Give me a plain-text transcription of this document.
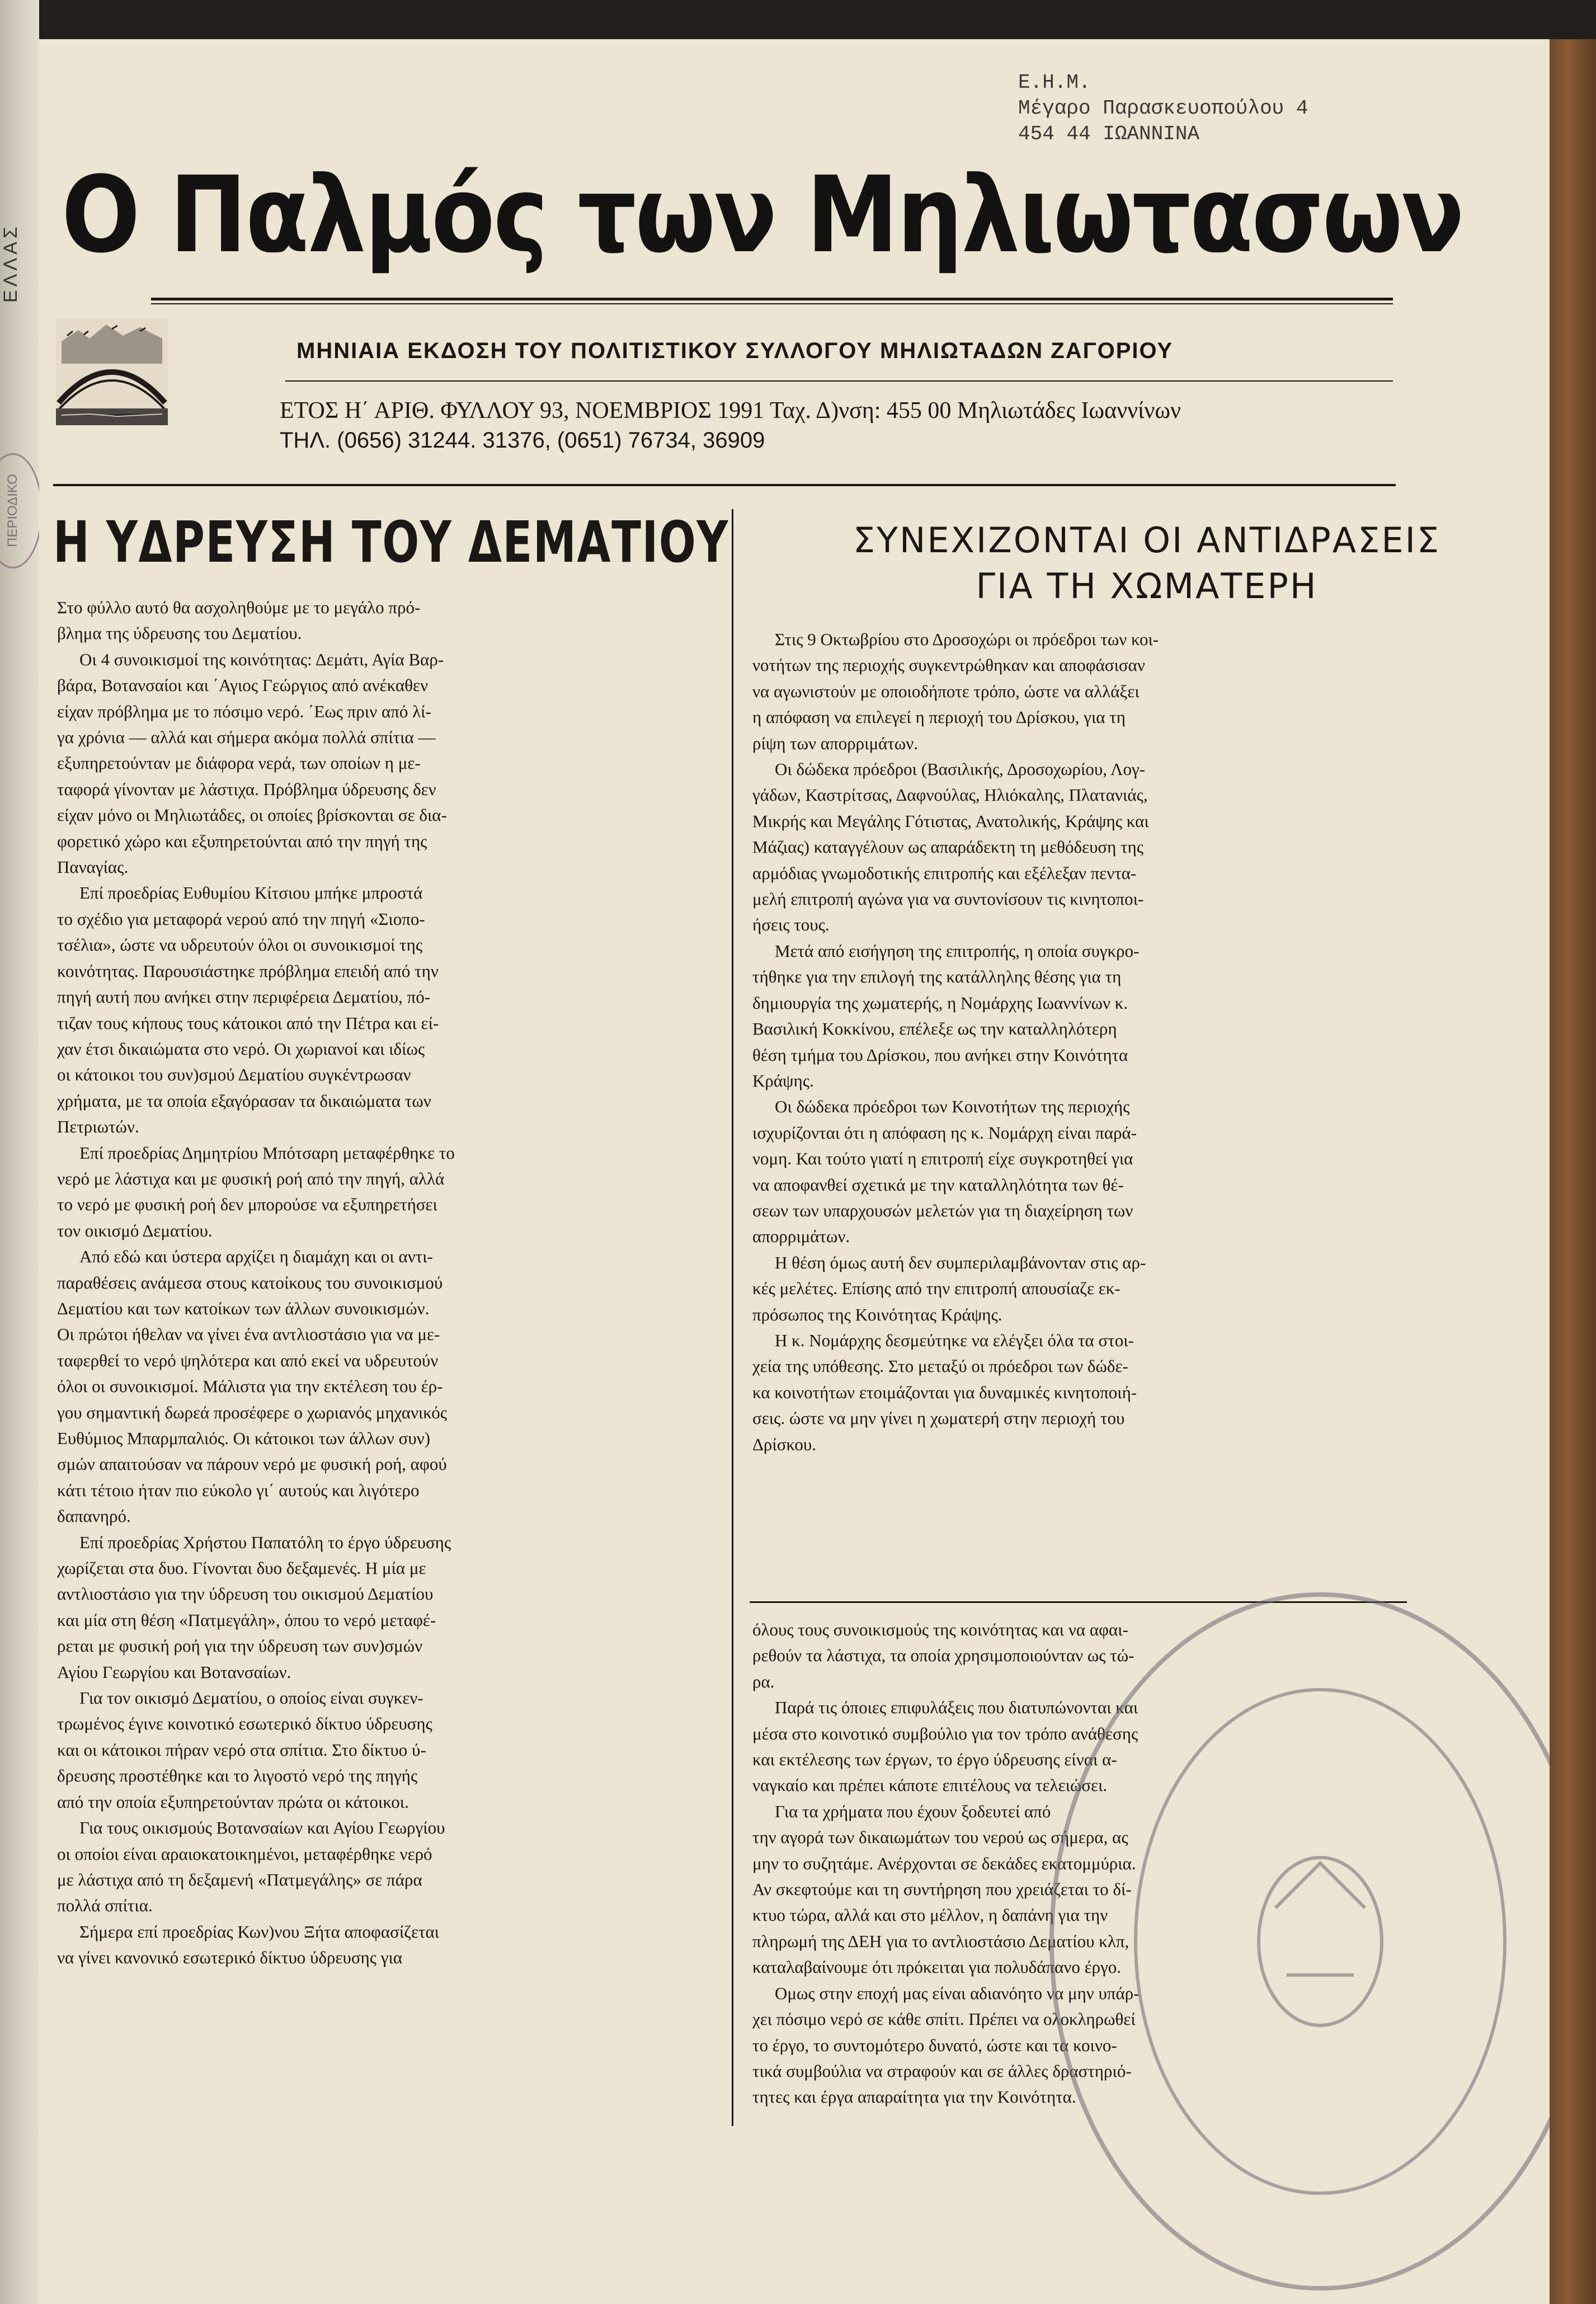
ΕΛΛΑΣ
ΠΕΡΙΟΔΙΚΟ
Ε.Η.Μ.
Μέγαρο Παρασκευοπούλου 4
454 44 ΙΩΑΝΝΙΝΑ
Ο Παλμός των Μηλιωτασων
~
ΜΗΝΙΑΙΑ ΕΚΔΟΣΗ ΤΟΥ ΠΟΛΙΤΙΣΤΙΚΟΥ ΣΥΛΛΟΓΟΥ ΜΗΛΙΩΤΑΔΩΝ ΖΑΓΟΡΙΟΥ
ΕΤΟΣ Η΄ ΑΡΙΘ. ΦΥΛΛΟΥ 93, ΝΟΕΜΒΡΙΟΣ 1991 Ταχ. Δ)νση: 455 00 Μηλιωτάδες Ιωαννίνων
ΤΗΛ. (0656) 31244. 31376, (0651) 76734, 36909
Η ΥΔΡΕΥΣΗ ΤΟΥ ΔΕΜΑΤΙΟΥ

Στο φύλλο αυτό θα ασχοληθούμε με το μεγάλο πρό-
βλημα της ύδρευσης του Δεματίου.

Οι 4 συνοικισμοί της κοινότητας: Δεμάτι, Αγία Βαρ-
βάρα, Βοτανσαίοι και ΄Αγιος Γεώργιος από ανέκαθεν
είχαν πρόβλημα με το πόσιμο νερό. ΄Εως πριν από λί-
γα χρόνια — αλλά και σήμερα ακόμα πολλά σπίτια —
εξυπηρετούνταν με διάφορα νερά, των οποίων η με-
ταφορά γίνονταν με λάστιχα. Πρόβλημα ύδρευσης δεν
είχαν μόνο οι Μηλιωτάδες, οι οποίες βρίσκονται σε δια-
φορετικό χώρο και εξυπηρετούνται από την πηγή της
Παναγίας.

Επί προεδρίας Ευθυμίου Κίτσιου μπήκε μπροστά
το σχέδιο για μεταφορά νερού από την πηγή «Σιοπο-
τσέλια», ώστε να υδρευτούν όλοι οι συνοικισμοί της
κοινότητας. Παρουσιάστηκε πρόβλημα επειδή από την
πηγή αυτή που ανήκει στην περιφέρεια Δεματίου, πό-
τιζαν τους κήπους τους κάτοικοι από την Πέτρα και εί-
χαν έτσι δικαιώματα στο νερό. Οι χωριανοί και ιδίως
οι κάτοικοι του συν)σμού Δεματίου συγκέντρωσαν
χρήματα, με τα οποία εξαγόρασαν τα δικαιώματα των
Πετριωτών.

Επί προεδρίας Δημητρίου Μπότσαρη μεταφέρθηκε το
νερό με λάστιχα και με φυσική ροή από την πηγή, αλλά
το νερό με φυσική ροή δεν μπορούσε να εξυπηρετήσει
τον οικισμό Δεματίου.

Από εδώ και ύστερα αρχίζει η διαμάχη και οι αντι-
παραθέσεις ανάμεσα στους κατοίκους του συνοικισμού
Δεματίου και των κατοίκων των άλλων συνοικισμών.
Οι πρώτοι ήθελαν να γίνει ένα αντλιοστάσιο για να με-
ταφερθεί το νερό ψηλότερα και από εκεί να υδρευτούν
όλοι οι συνοικισμοί. Μάλιστα για την εκτέλεση του έρ-
γου σημαντική δωρεά προσέφερε ο χωριανός μηχανικός
Ευθύμιος Μπαρμπαλιός. Οι κάτοικοι των άλλων συν)
σμών απαιτούσαν να πάρουν νερό με φυσική ροή, αφού
κάτι τέτοιο ήταν πιο εύκολο γι΄ αυτούς και λιγότερο
δαπανηρό.

Επί προεδρίας Χρήστου Παπατόλη το έργο ύδρευσης
χωρίζεται στα δυο. Γίνονται δυο δεξαμενές. Η μία με
αντλιοστάσιο για την ύδρευση του οικισμού Δεματίου
και μία στη θέση «Πατμεγάλη», όπου το νερό μεταφέ-
ρεται με φυσική ροή για την ύδρευση των συν)σμών
Αγίου Γεωργίου και Βοτανσαίων.

Για τον οικισμό Δεματίου, ο οποίος είναι συγκεν-
τρωμένος έγινε κοινοτικό εσωτερικό δίκτυο ύδρευσης
και οι κάτοικοι πήραν νερό στα σπίτια. Στο δίκτυο ύ-
δρευσης προστέθηκε και το λιγοστό νερό της πηγής
από την οποία εξυπηρετούνταν πρώτα οι κάτοικοι.

Για τους οικισμούς Βοτανσαίων και Αγίου Γεωργίου
οι οποίοι είναι αραιοκατοικημένοι, μεταφέρθηκε νερό
με λάστιχα από τη δεξαμενή «Πατμεγάλης» σε πάρα
πολλά σπίτια.

Σήμερα επί προεδρίας Κων)νου Ξήτα αποφασίζεται
να γίνει κανονικό εσωτερικό δίκτυο ύδρευσης για

ΣΥΝΕΧΙΖΟΝΤΑΙ ΟΙ ΑΝΤΙΔΡΑΣΕΙΣ
ΓΙΑ ΤΗ ΧΩΜΑΤΕΡΗ

Στις 9 Οκτωβρίου στο Δροσοχώρι οι πρόεδροι των κοι-
νοτήτων της περιοχής συγκεντρώθηκαν και αποφάσισαν
να αγωνιστούν με οποιοδήποτε τρόπο, ώστε να αλλάξει
η απόφαση να επιλεγεί η περιοχή του Δρίσκου, για τη
ρίψη των απορριμάτων.

Οι δώδεκα πρόεδροι (Βασιλικής, Δροσοχωρίου, Λογ-
γάδων, Καστρίτσας, Δαφνούλας, Ηλιόκαλης, Πλατανιάς,
Μικρής και Μεγάλης Γότιστας, Ανατολικής, Κράψης και
Μάζιας) καταγγέλουν ως απαράδεκτη τη μεθόδευση της
αρμόδιας γνωμοδοτικής επιτροπής και εξέλεξαν πεντα-
μελή επιτροπή αγώνα για να συντονίσουν τις κινητοποι-
ήσεις τους.

Μετά από εισήγηση της επιτροπής, η οποία συγκρο-
τήθηκε για την επιλογή της κατάλληλης θέσης για τη
δημιουργία της χωματερής, η Νομάρχης Ιωαννίνων κ.
Βασιλική Κοκκίνου, επέλεξε ως την καταλληλότερη
θέση τμήμα του Δρίσκου, που ανήκει στην Κοινότητα
Κράψης.

Οι δώδεκα πρόεδροι των Κοινοτήτων της περιοχής
ισχυρίζονται ότι η απόφαση ης κ. Νομάρχη είναι παρά-
νομη. Και τούτο γιατί η επιτροπή είχε συγκροτηθεί για
να αποφανθεί σχετικά με την καταλληλότητα των θέ-
σεων των υπαρχουσών μελετών για τη διαχείρηση των
απορριμάτων.

Η θέση όμως αυτή δεν συμπεριλαμβάνονταν στις αρ-
κές μελέτες. Επίσης από την επιτροπή απουσίαζε εκ-
πρόσωπος της Κοινότητας Κράψης.

Η κ. Νομάρχης δεσμεύτηκε να ελέγξει όλα τα στοι-
χεία της υπόθεσης. Στο μεταξύ οι πρόεδροι των δώδε-
κα κοινοτήτων ετοιμάζονται για δυναμικές κινητοποιή-
σεις. ώστε να μην γίνει η χωματερή στην περιοχή του
Δρίσκου.

όλους τους συνοικισμούς της κοινότητας και να αφαι-
ρεθούν τα λάστιχα, τα οποία χρησιμοποιούνταν ως τώ-
ρα.

Παρά τις όποιες επιφυλάξεις που διατυπώνονται και
μέσα στο κοινοτικό συμβούλιο για τον τρόπο ανάθεσης
και εκτέλεσης των έργων, το έργο ύδρευσης είναι α-
ναγκαίο και πρέπει κάποτε επιτέλους να τελειώσει.

Για τα χρήματα που έχουν ξοδευτεί από
την αγορά των δικαιωμάτων του νερού ως σήμερα, ας
μην το συζητάμε. Ανέρχονται σε δεκάδες εκατομμύρια.
Αν σκεφτούμε και τη συντήρηση που χρειάζεται το δί-
κτυο τώρα, αλλά και στο μέλλον, η δαπάνη για την
πληρωμή της ΔΕΗ για το αντλιοστάσιο Δεματίου κλπ,
καταλαβαίνουμε ότι πρόκειται για πολυδάπανο έργο.

Ομως στην εποχή μας είναι αδιανόητο να μην υπάρ-
χει πόσιμο νερό σε κάθε σπίτι. Πρέπει να ολοκληρωθεί
το έργο, το συντομότερο δυνατό, ώστε και τα κοινο-
τικά συμβούλια να στραφούν και σε άλλες δραστηριό-
τητες και έργα απαραίτητα για την Κοινότητα.
